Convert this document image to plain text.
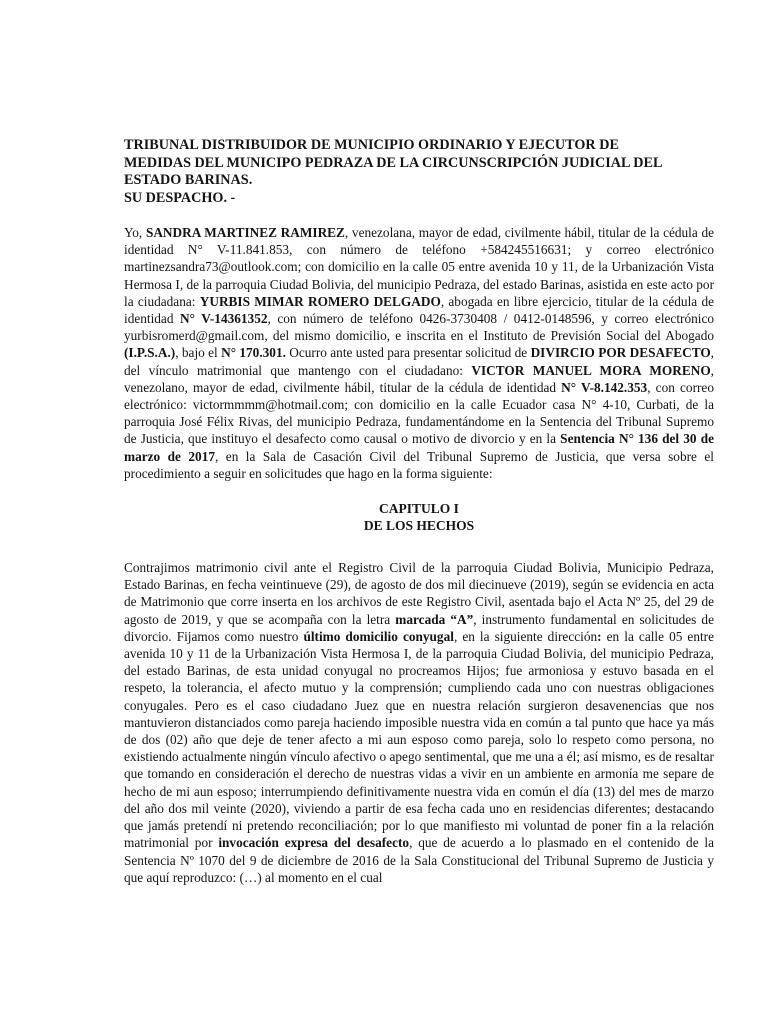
TRIBUNAL DISTRIBUIDOR DE MUNICIPIO ORDINARIO Y EJECUTOR DE
MEDIDAS DEL MUNICIPO PEDRAZA DE LA CIRCUNSCRIPCIÓN JUDICIAL DEL
ESTADO BARINAS.
SU DESPACHO. -

Yo, SANDRA MARTINEZ RAMIREZ, venezolana, mayor de edad, civilmente hábil, titular de la cédula de identidad N° V-11.841.853, con número de teléfono +584245516631; y correo electrónico martinezsandra73@outlook.com; con domicilio en la calle 05 entre avenida 10 y 11, de la Urbanización Vista Hermosa I, de la parroquia Ciudad Bolivia, del municipio Pedraza, del estado Barinas, asistida en este acto por la ciudadana: YURBIS MIMAR ROMERO DELGADO, abogada en libre ejercicio, titular de la cédula de identidad N° V-14361352, con número de teléfono 0426-3730408 / 0412-0148596, y correo electrónico yurbisromerd@gmail.com, del mismo domicilio, e inscrita en el Instituto de Previsión Social del Abogado (I.P.S.A.), bajo el N° 170.301. Ocurro ante usted para presentar solicitud de DIVIRCIO POR DESAFECTO, del vínculo matrimonial que mantengo con el ciudadano: VICTOR MANUEL MORA MORENO, venezolano, mayor de edad, civilmente hábil, titular de la cédula de identidad N° V-8.142.353, con correo electrónico: victormmmm@hotmail.com; con domicilio en la calle Ecuador casa N° 4-10, Curbati, de la parroquia José Félix Rivas, del municipio Pedraza, fundamentándome en la Sentencia del Tribunal Supremo de Justicia, que instituyo el desafecto como causal o motivo de divorcio y en la Sentencia N° 136 del 30 de marzo de 2017, en la Sala de Casación Civil del Tribunal Supremo de Justicia, que versa sobre el procedimiento a seguir en solicitudes que hago en la forma siguiente:

CAPITULO I
DE LOS HECHOS

Contrajimos matrimonio civil ante el Registro Civil de la parroquia Ciudad Bolivia, Municipio Pedraza, Estado Barinas, en fecha veintinueve (29), de agosto de dos mil diecinueve (2019), según se evidencia en acta de Matrimonio que corre inserta en los archivos de este Registro Civil, asentada bajo el Acta Nº 25, del 29 de agosto de 2019, y que se acompaña con la letra marcada “A”, instrumento fundamental en solicitudes de divorcio. Fijamos como nuestro último domicilio conyugal, en la siguiente dirección: en la calle 05 entre avenida 10 y 11 de la Urbanización Vista Hermosa I, de la parroquia Ciudad Bolivia, del municipio Pedraza, del estado Barinas, de esta unidad conyugal no procreamos Hijos; fue armoniosa y estuvo basada en el respeto, la tolerancia, el afecto mutuo y la comprensión; cumpliendo cada uno con nuestras obligaciones conyugales. Pero es el caso ciudadano Juez que en nuestra relación surgieron desavenencias que nos mantuvieron distanciados como pareja haciendo imposible nuestra vida en común a tal punto que hace ya más de dos (02) año que deje de tener afecto a mi aun esposo como pareja, solo lo respeto como persona, no existiendo actualmente ningún vínculo afectivo o apego sentimental, que me una a él; así mismo, es de resaltar que tomando en consideración el derecho de nuestras vidas a vivir en un ambiente en armonía me separe de hecho de mi aun esposo; interrumpiendo definitivamente nuestra vida en común el día (13) del mes de marzo del año dos mil veinte (2020), viviendo a partir de esa fecha cada uno en residencias diferentes; destacando que jamás pretendí ni pretendo reconciliación; por lo que manifiesto mi voluntad de poner fin a la relación matrimonial por invocación expresa del desafecto, que de acuerdo a lo plasmado en el contenido de la Sentencia Nº 1070 del 9 de diciembre de 2016 de la Sala Constitucional del Tribunal Supremo de Justicia y que aquí reproduzco: (…) al momento en el cual
